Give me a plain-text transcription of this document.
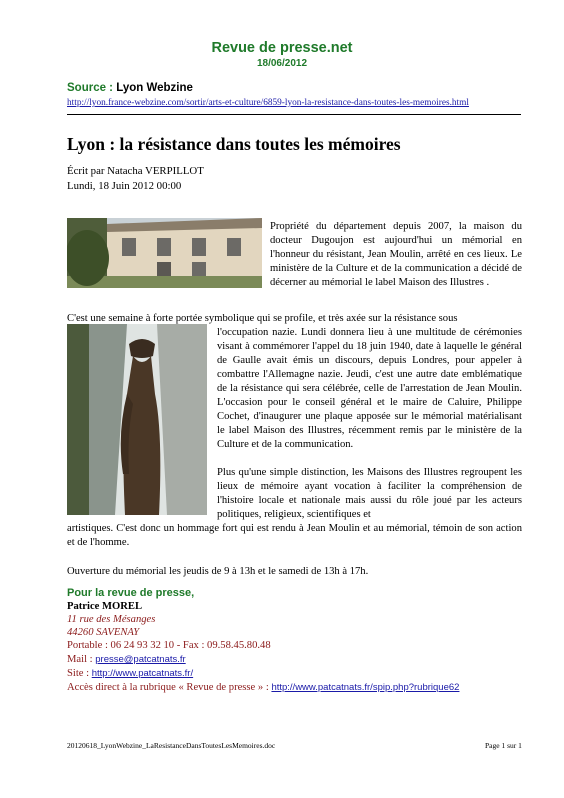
Revue de presse.net
18/06/2012
Source : Lyon Webzine
http://lyon.france-webzine.com/sortir/arts-et-culture/6859-lyon-la-resistance-dans-toutes-les-memoires.html
Lyon : la résistance dans toutes les mémoires
Écrit par Natacha VERPILLOT
Lundi, 18 Juin 2012 00:00
Propriété du département depuis 2007, la maison du docteur Dugoujon est aujourd'hui un mémorial en l'honneur du résistant, Jean Moulin, arrêté en ces lieux. Le ministère de la Culture et de la communication a décidé de décerner au mémorial le label Maison des Illustres .
C'est une semaine à forte portée symbolique qui se profile, et très axée sur la résistance sous
l'occupation nazie. Lundi donnera lieu à une multitude de cérémonies visant à commémorer l'appel du 18 juin 1940, date à laquelle le général de Gaulle avait émis un discours, depuis Londres, pour appeler à combattre l'Allemagne nazie. Jeudi, c'est une autre date emblématique de la résistance qui sera célébrée, celle de l'arrestation de Jean Moulin. L'occasion pour le conseil général et le maire de Caluire, Philippe Cochet, d'inaugurer une plaque apposée sur le mémorial matérialisant le label Maison des Illustres, récemment remis par le ministère de la Culture et de la communication.
Plus qu'une simple distinction, les Maisons des Illustres regroupent les lieux de mémoire ayant vocation à faciliter la compréhension de l'histoire locale et nationale mais aussi du rôle joué par les acteurs politiques, religieux, scientifiques et
artistiques. C'est donc un hommage fort qui est rendu à Jean Moulin et au mémorial, témoin de son action et de l'homme.
Ouverture du mémorial les jeudis de 9 à 13h et le samedi de 13h à 17h.
Pour la revue de presse,
Patrice MOREL
11 rue des Mésanges
44260 SAVENAY
Portable : 06 24 93 32 10 - Fax : 09.58.45.80.48
Mail : presse@patcatnats.fr
Site : http://www.patcatnats.fr/
Accès direct à la rubrique « Revue de presse » : http://www.patcatnats.fr/spip.php?rubrique62
20120618_LyonWebzine_LaResistanceDansToutesLesMemoires.doc	Page 1 sur 1
